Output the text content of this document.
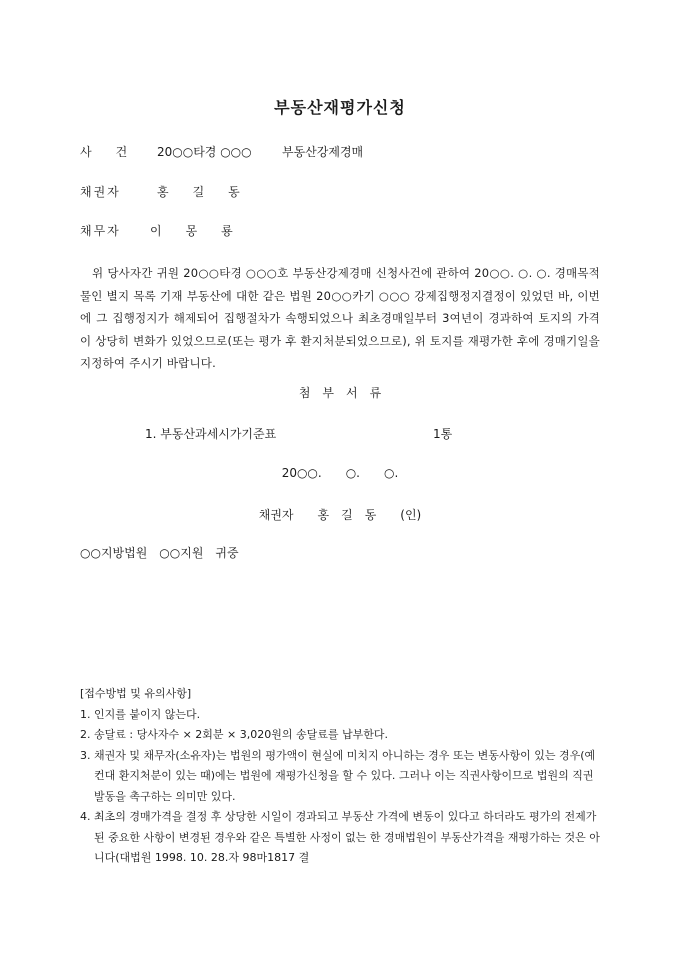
부동산재평가신청
사　　건 20○○타경 ○○○	부동산강제경매
채권자	홍　　길　　동
채무자 이　　몽　　룡
위 당사자간 귀원 20○○타경 ○○○호 부동산강제경매 신청사건에 관하여 20○○. ○. ○. 경매목적물인 별지 목록 기재 부동산에 대한 같은 법원 20○○카기 ○○○ 강제집행정지결정이 있었던 바, 이번에 그 집행정지가 해제되어 집행절차가 속행되었으나 최초경매일부터 3여년이 경과하여 토지의 가격이 상당히 변화가 있었으므로(또는 평가 후 환지처분되었으므로), 위 토지를 재평가한 후에 경매기일을 지정하여 주시기 바랍니다.
첨　부　서　류
1. 부동산과세시가기준표	1통
20○○.　　○.　　○.
채권자　　홍　길　동　　(인)
○○지방법원　○○지원　귀중
[접수방법 및 유의사항]
1. 인지를 붙이지 않는다.
2. 송달료 : 당사자수 × 2회분 × 3,020원의 송달료를 납부한다.
3. 채권자 및 채무자(소유자)는 법원의 평가액이 현실에 미치지 아니하는 경우 또는 변동사항이 있는 경우(예컨대 환지처분이 있는 때)에는 법원에 재평가신청을 할 수 있다. 그러나 이는 직권사항이므로 법원의 직권발동을 촉구하는 의미만 있다.
4. 최초의 경매가격을 결정 후 상당한 시일이 경과되고 부동산 가격에 변동이 있다고 하더라도 평가의 전제가 된 중요한 사항이 변경된 경우와 같은 특별한 사정이 없는 한 경매법원이 부동산가격을 재평가하는 것은 아니다(대법원 1998. 10. 28.자 98마1817 결
